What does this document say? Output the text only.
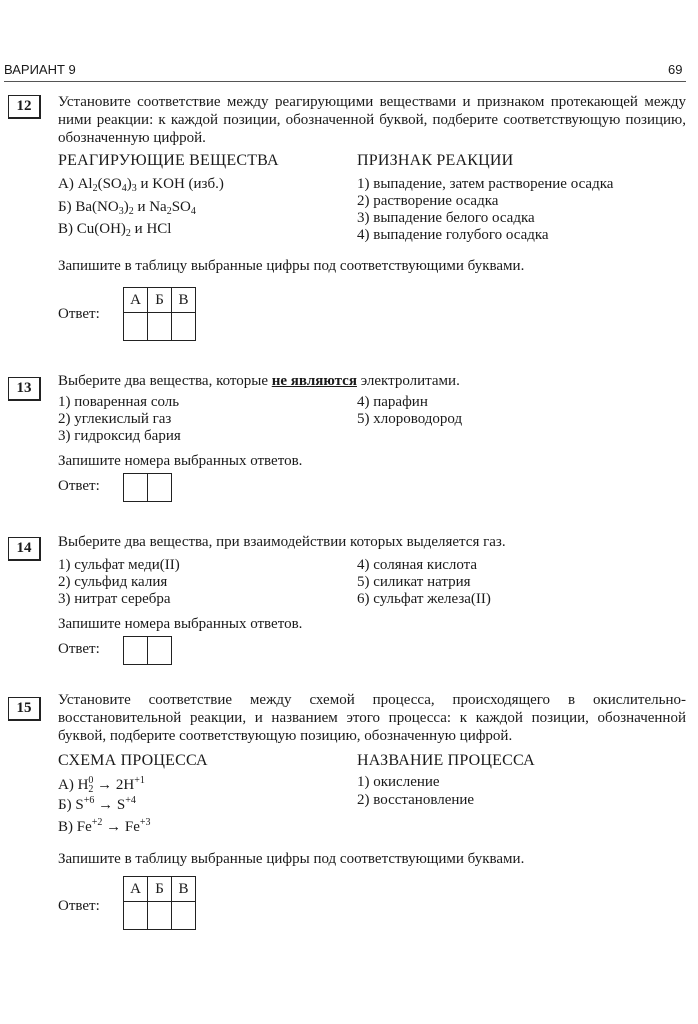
ВАРИАНТ 9	69
12	Установите соответствие между реагирующими веществами и признаком протекающей между ними реакции: к каждой позиции, обозначенной буквой, подберите соответствующую позицию, обозначенную цифрой.
РЕАГИРУЮЩИЕ ВЕЩЕСТВА	ПРИЗНАК РЕАКЦИИ
А) $Al_2(SO_4)_3$ и KOH (изб.)
Б) $Ba(NO_3)_2$ и $Na_2SO_4$
В) $Cu(OH)_2$ и HCl
1) выпадение, затем растворение осадка
2) растворение осадка
3) выпадение белого осадка
4) выпадение голубого осадка
Запишите в таблицу выбранные цифры под соответствующими буквами.
Ответ:
А	Б	В

13	Выберите два вещества, которые не являются электролитами.
1) поваренная соль
2) углекислый газ
3) гидроксид бария
4) парафин
5) хлороводород
Запишите номера выбранных ответов.
Ответ:

14	Выберите два вещества, при взаимодействии которых выделяется газ.
1) сульфат меди(II)
2) сульфид калия
3) нитрат серебра
4) соляная кислота
5) силикат натрия
6) сульфат железа(II)
Запишите номера выбранных ответов.
Ответ:

15	Установите соответствие между схемой процесса, происходящего в окислительно-восстановительной реакции, и названием этого процесса: к каждой позиции, обозначенной буквой, подберите соответствующую позицию, обозначенную цифрой.
СХЕМА ПРОЦЕССА	НАЗВАНИЕ ПРОЦЕССА
А) H 0
$2 \to 2H^{+1}$
Б) $S^{+6} \to S^{+4}$
В) $Fe^{+2} \to Fe^{+3}$
1) окисление
2) восстановление
Запишите в таблицу выбранные цифры под соответствующими буквами.
Ответ:
А	Б	В
